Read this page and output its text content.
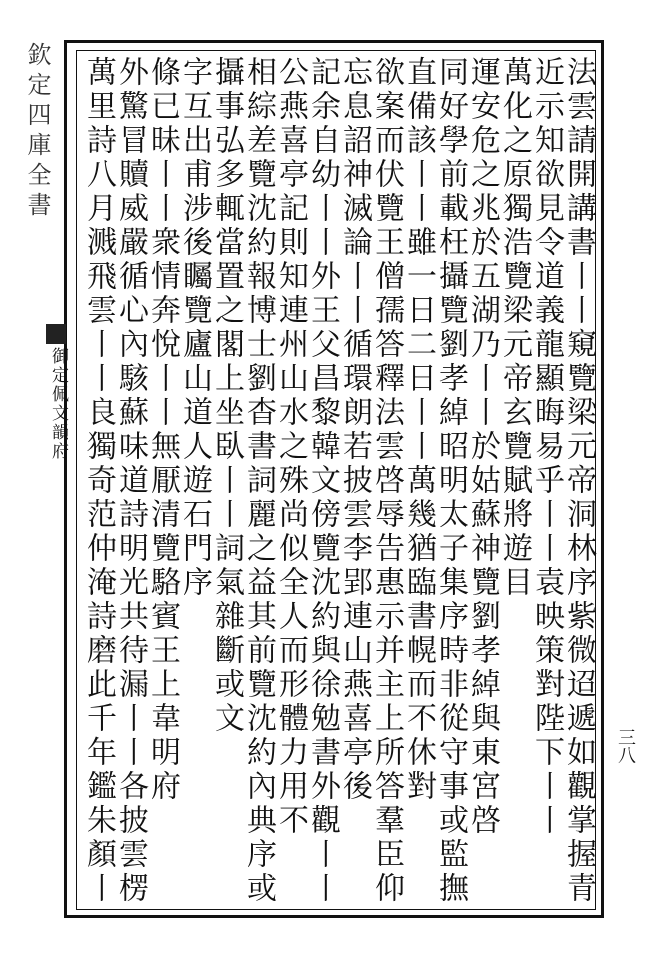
欽定四庫全書
御定佩文韻府
三八
法雲請開講書丨丨窺覽梁元帝洞林序紫微迢遞如觀掌握青
近示知欲見令道義龍顯晦易乎丨丨袁映策對陛下丨丨
萬化之原獨浩覽梁元帝玄覽賦將遊目
運安危之兆於五湖乃丨丨於姑蘇神覽劉孝綽與東宮啓
同好學前載枉攝覽劉孝綽昭明太子集序時非從守事或監撫
直備該丨丨雖一日二日丨丨萬幾猶臨書幌而不休對
欲案而伏覽王僧孺答釋法雲啓辱告惠示并主上所答羣臣仰
忘息詔神滅論丨丨循環朗若披雲李郢連山燕喜亭後
記余自幼丨丨外王父昌黎韓文傍覽沈約與徐勉書外觀丨丨
公燕喜亭記則知連州山水之殊尚似全人而形體力用不
相綜差覽沈約報博士劉杳書詞麗之益其前覽沈約內典序或
攝事弘多輒當置之閣上坐臥丨丨詞氣雜斷或文
字互出甫涉後矚覽廬山道人遊石門序
條已昧丨丨衆情奔悅丨丨無厭清覽駱賓王上韋明府
外驚冒贖威嚴循心內駭蘇味道詩明光共待漏丨丨各披雲楞
萬里詩八月溅飛雲丨丨良獨奇范仲淹詩磨此千年鑑朱顏丨
